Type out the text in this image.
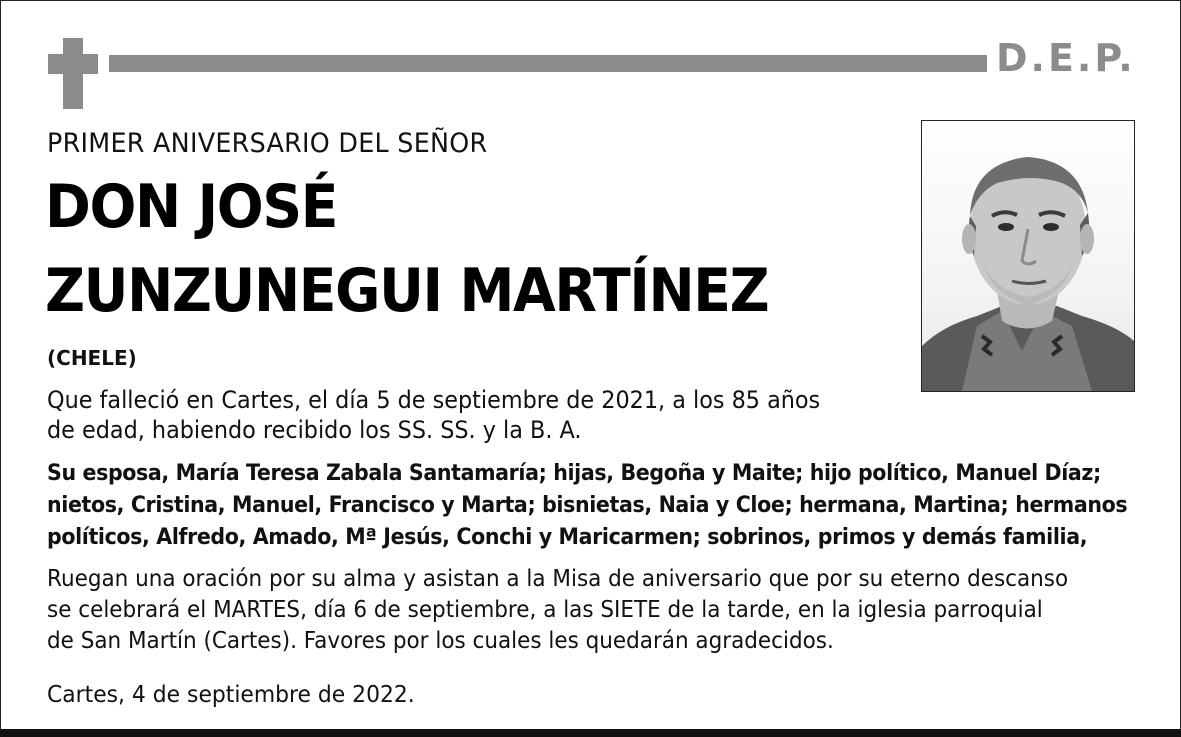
D.E.P.
PRIMER ANIVERSARIO DEL SEÑOR
DON JOSÉ
ZUNZUNEGUI MARTÍNEZ
(CHELE)
Que falleció en Cartes, el día 5 de septiembre de 2021, a los 85 años
de edad, habiendo recibido los SS. SS. y la B. A.
Su esposa, María Teresa Zabala Santamaría; hijas, Begoña y Maite; hijo político, Manuel Díaz;
nietos, Cristina, Manuel, Francisco y Marta; bisnietas, Naia y Cloe; hermana, Martina; hermanos
políticos, Alfredo, Amado, Mª Jesús, Conchi y Maricarmen; sobrinos, primos y demás familia,
Ruegan una oración por su alma y asistan a la Misa de aniversario que por su eterno descanso
se celebrará el MARTES, día 6 de septiembre, a las SIETE de la tarde, en la iglesia parroquial
de San Martín (Cartes). Favores por los cuales les quedarán agradecidos.
Cartes, 4 de septiembre de 2022.
